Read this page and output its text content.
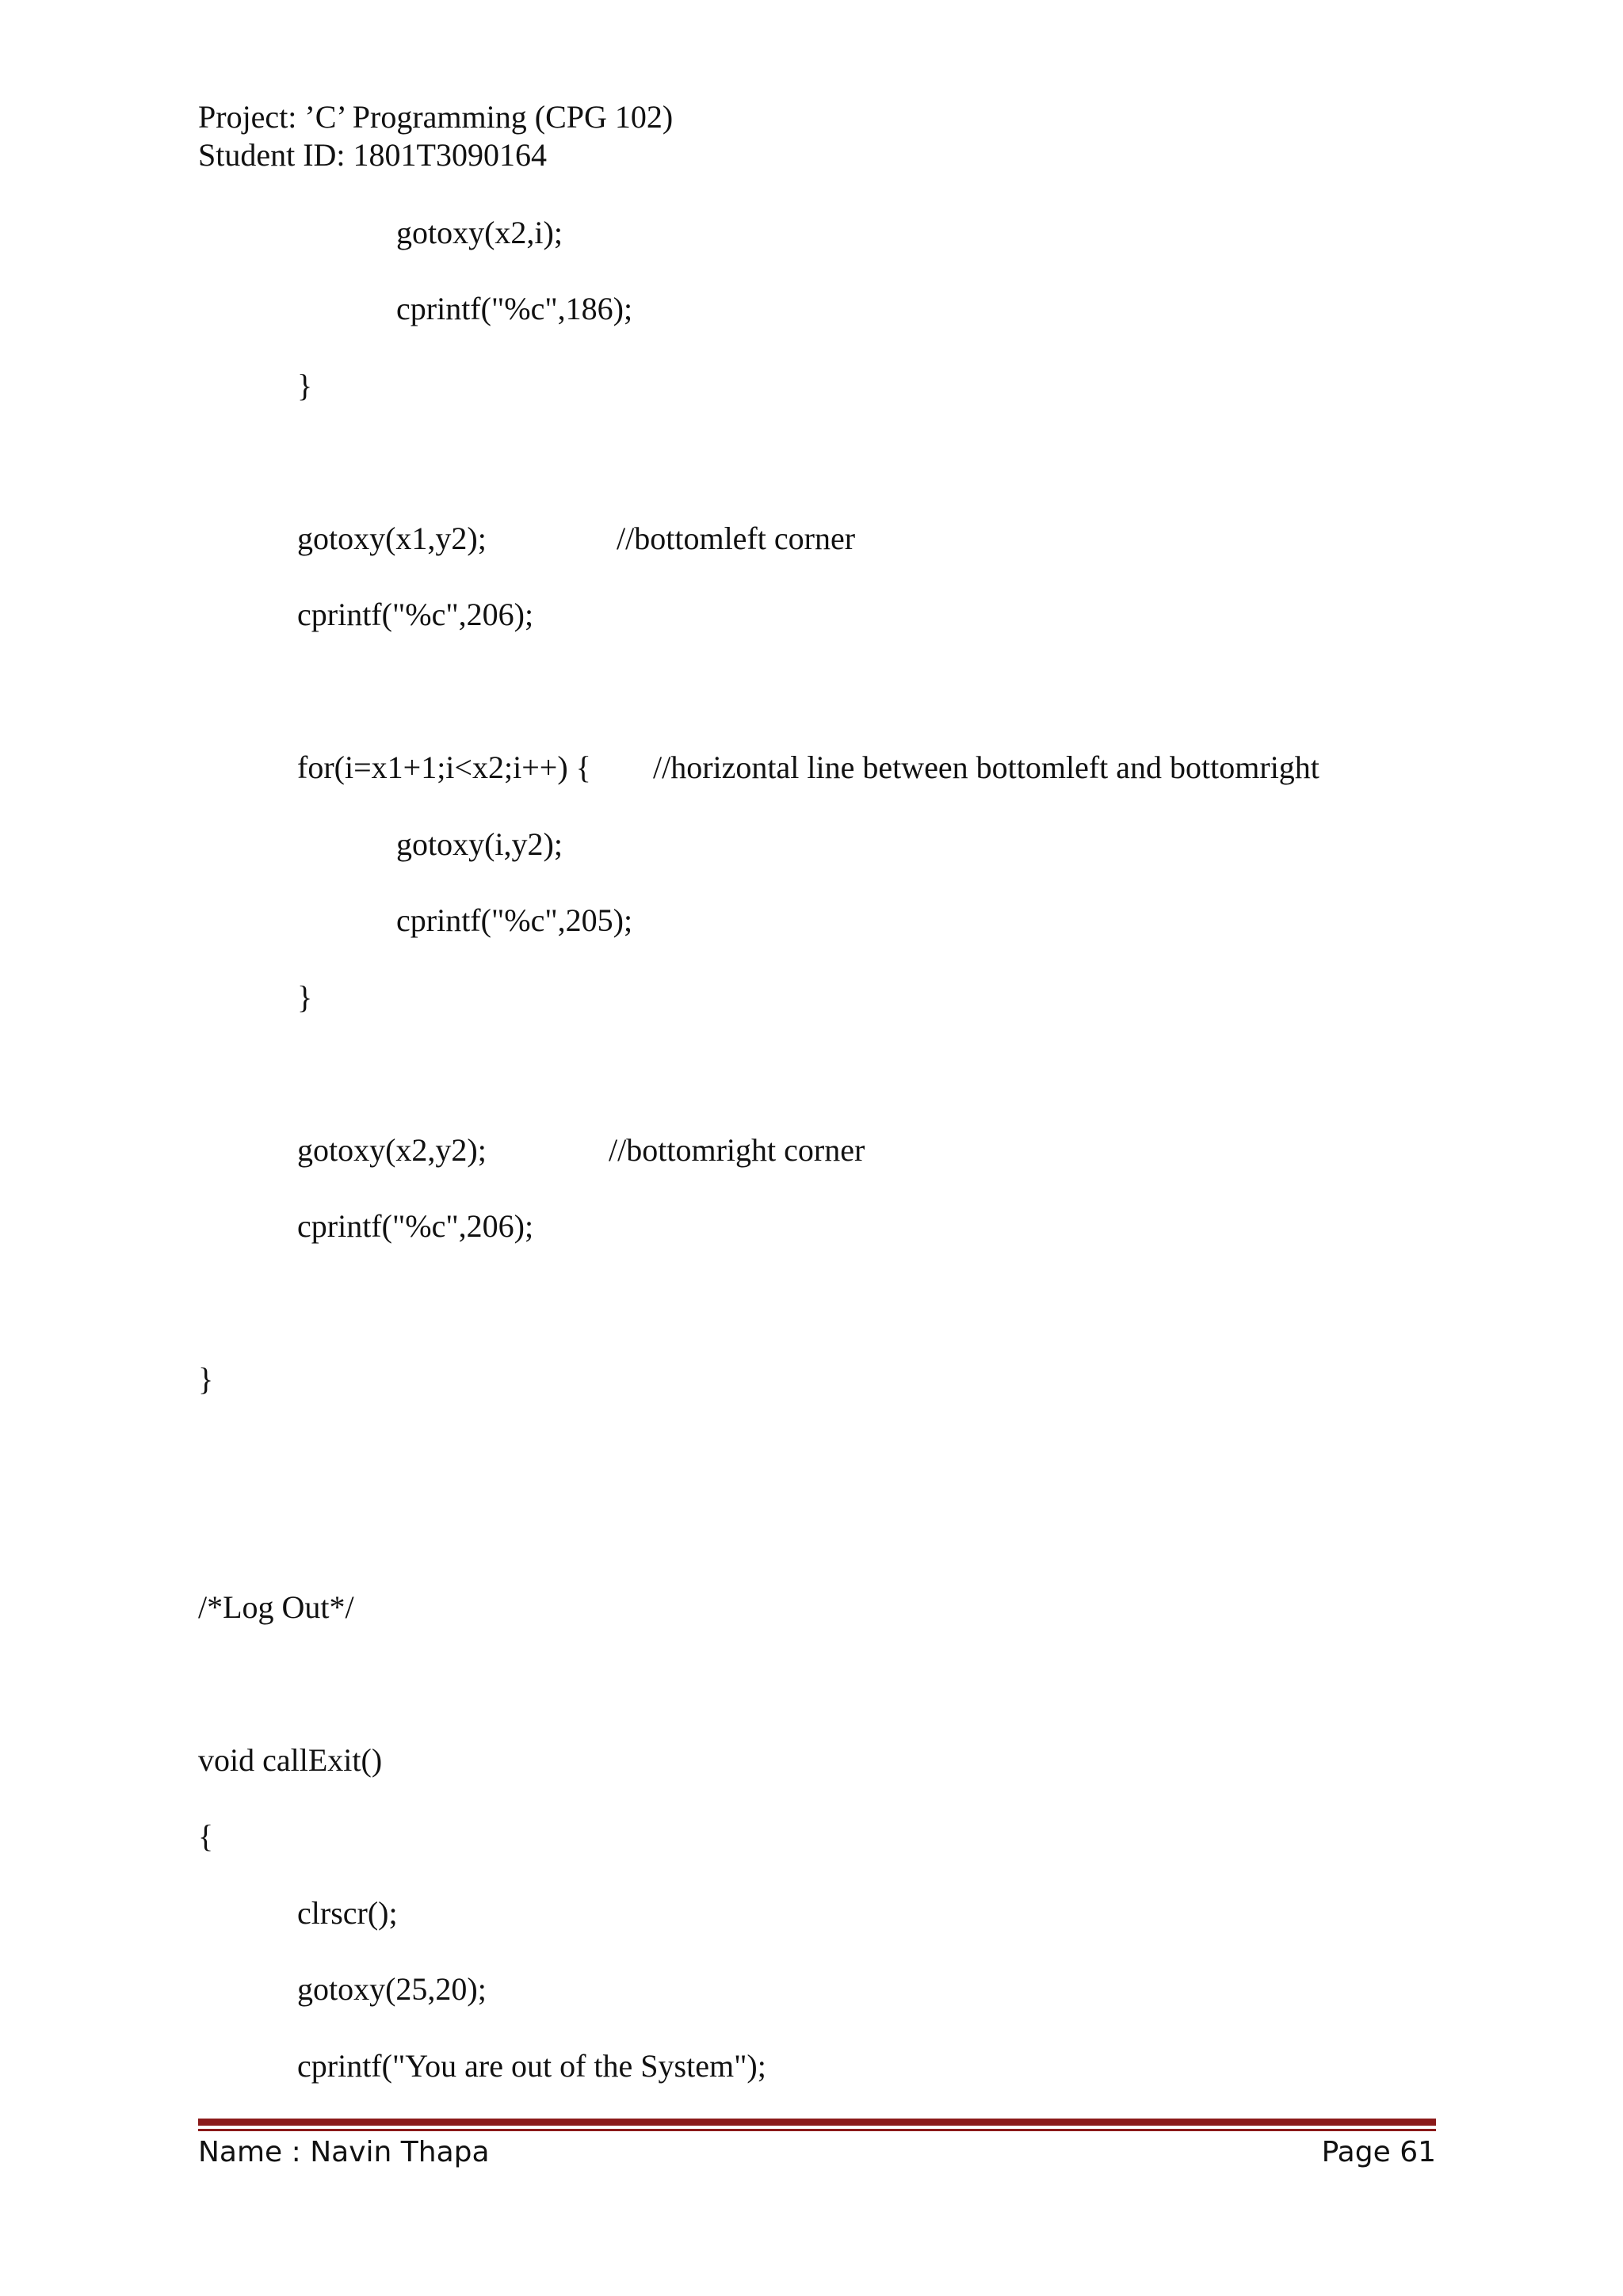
Project: ’C’ Programming (CPG 102)
Student ID: 1801T3090164
gotoxy(x2,i);
cprintf("%c",186);
}
gotoxy(x1,y2);	//bottomleft corner
cprintf("%c",206);
for(i=x1+1;i<x2;i++) { //horizontal line between bottomleft and bottomright
gotoxy(i,y2);
cprintf("%c",205);
}
gotoxy(x2,y2);	//bottomright corner
cprintf("%c",206);
}
/*Log Out*/
void callExit()
{
clrscr();
gotoxy(25,20);
cprintf("You are out of the System");
Name : Navin Thapa	Page 61
